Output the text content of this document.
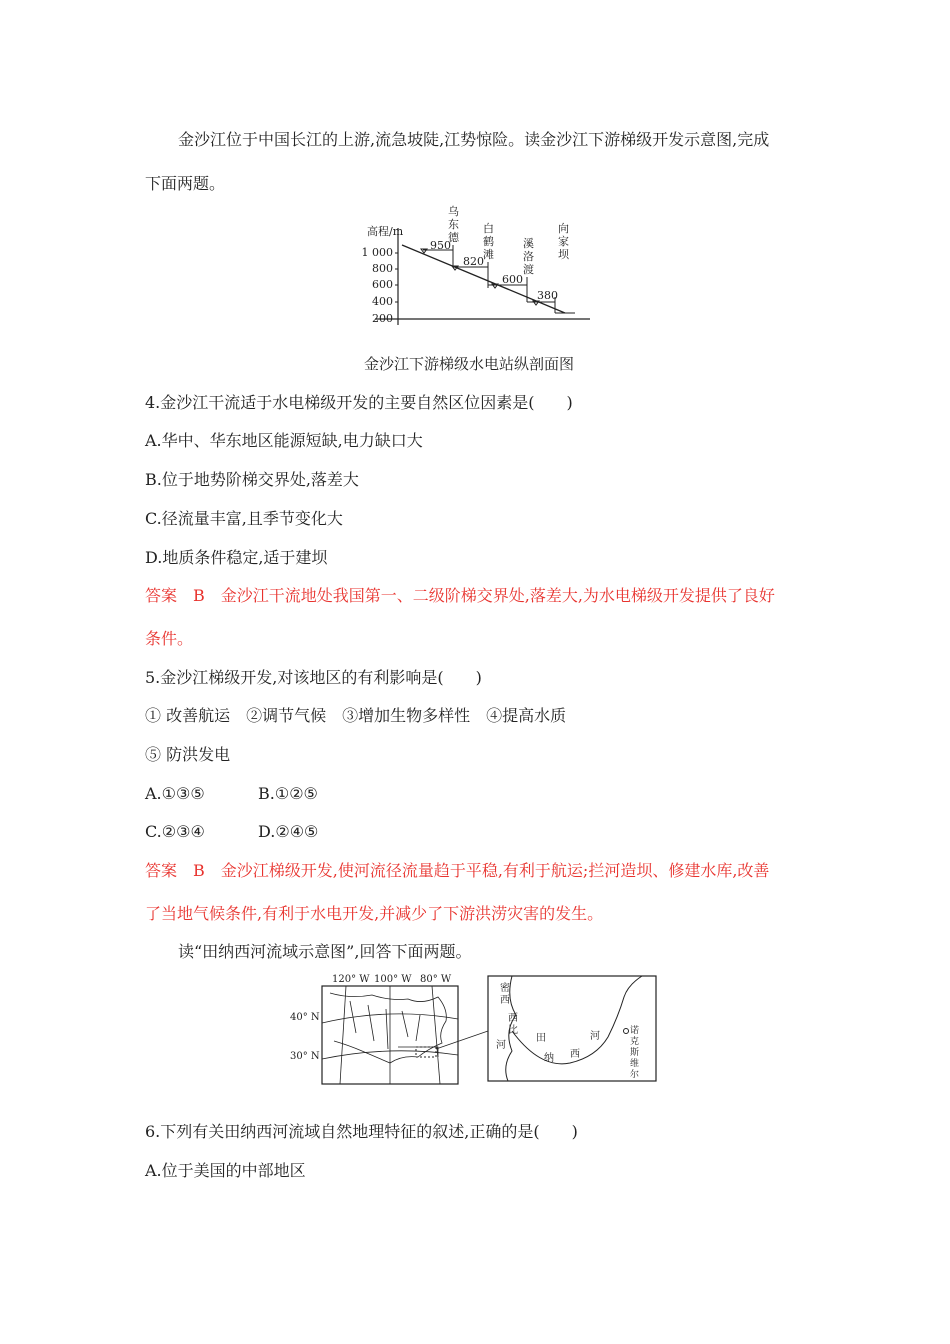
金沙江位于中国长江的上游,流急坡陡,江势惊险。读金沙江下游梯级开发示意图,完成
下面两题。
高程/m
1 000
800
600
400
200
乌东德
950
白鹤滩
820
溪洛渡
600
向家坝
380
金沙江下游梯级水电站纵剖面图
4.金沙江干流适于水电梯级开发的主要自然区位因素是(　　)
A.华中、华东地区能源短缺,电力缺口大
B.位于地势阶梯交界处,落差大
C.径流量丰富,且季节变化大
D.地质条件稳定,适于建坝
答案　B　金沙江干流地处我国第一、二级阶梯交界处,落差大,为水电梯级开发提供了良好
条件。
5.金沙江梯级开发,对该地区的有利影响是(　　)
① 改善航运　②调节气候　③增加生物多样性　④提高水质
⑤ 防洪发电
A.①③⑤	B.①②⑤
C.②③④	D.②④⑤
答案　B　金沙江梯级开发,使河流径流量趋于平稳,有利于航运;拦河造坝、修建水库,改善
了当地气候条件,有利于水电开发,并减少了下游洪涝灾害的发生。
读“田纳西河流域示意图”,回答下面两题。
120° W 100° W 80° W
40° N
30° N
密西
西比
河
田
纳 西
河	诺克斯维尔
6.下列有关田纳西河流域自然地理特征的叙述,正确的是(　　)
A.位于美国的中部地区
